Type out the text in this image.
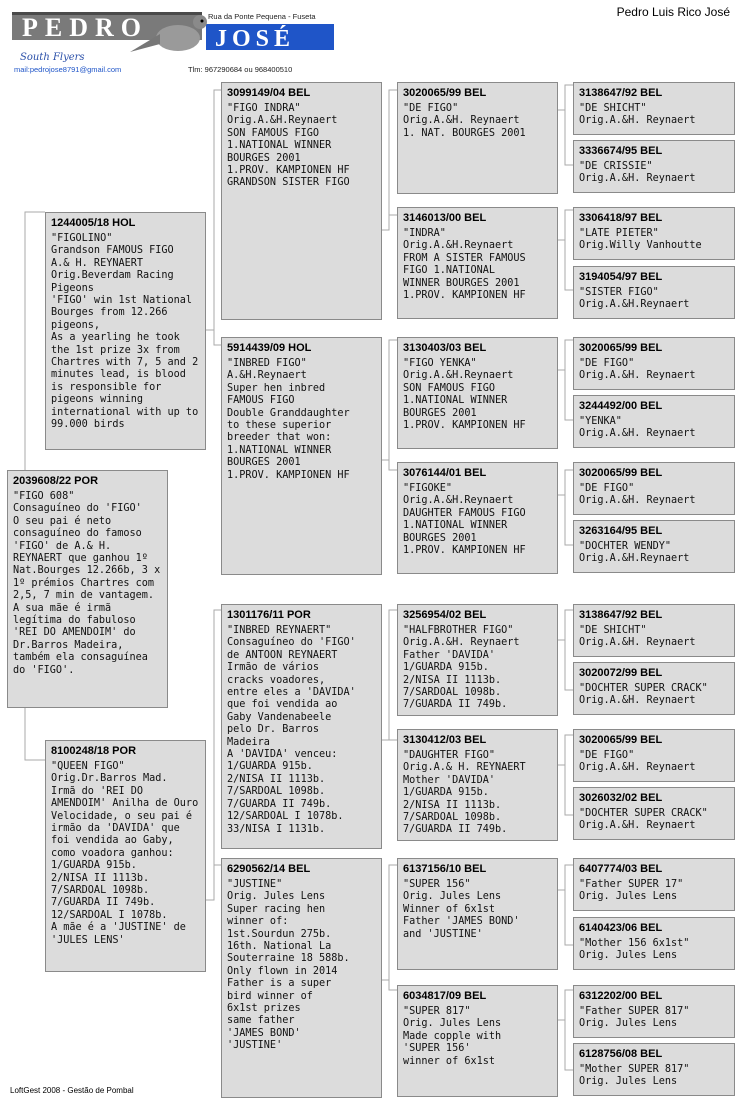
PEDRO	Rua da Ponte Pequena - Fuseta
JOSÉ
South Flyers
mail:pedrojose8791@gmail.com	Tlm: 967290684 ou 968400510
Pedro Luis Rico José
2039608/22 POR
"FIGO 608"
Consaguíneo do 'FIGO'
O seu pai é neto consaguíneo do famoso 'FIGO' de A.& H. REYNAERT que ganhou 1º Nat.Bourges 12.266b, 3 x 1º prémios Chartres com 2,5, 7 min de vantagem.
A sua mãe é irmã legítima do fabuloso 'REI DO AMENDOIM' do Dr.Barros Madeira, também ela consaguínea do 'FIGO'.
1244005/18 HOL
"FIGOLINO"
Grandson FAMOUS FIGO
A.& H. REYNAERT
Orig.Beverdam Racing Pigeons
'FIGO' win 1st National Bourges from 12.266 pigeons,
As a yearling he took the 1st prize 3x from Chartres with 7, 5 and 2 minutes lead, is blood is responsible for pigeons winning international with up to 99.000 birds
8100248/18 POR
"QUEEN FIGO"
Orig.Dr.Barros Mad.
Irmã do 'REI DO AMENDOIM' Anilha de Ouro Velocidade, o seu pai é irmão da 'DAVIDA' que foi vendida ao Gaby, como voadora ganhou:
1/GUARDA 915b.
2/NISA II 1113b.
7/SARDOAL 1098b.
7/GUARDA II 749b.
12/SARDOAL I 1078b.
A mãe é a 'JUSTINE' de 'JULES LENS'
3099149/04 BEL
"FIGO INDRA"
Orig.A.&H.Reynaert
SON FAMOUS FIGO
1.NATIONAL WINNER
BOURGES 2001
1.PROV. KAMPIONEN HF
GRANDSON SISTER FIGO
5914439/09 HOL
"INBRED FIGO"
A.&H.Reynaert
Super hen inbred
FAMOUS FIGO
Double Granddaughter
to these superior
breeder that won:
1.NATIONAL WINNER
BOURGES 2001
1.PROV. KAMPIONEN HF
1301176/11 POR
"INBRED REYNAERT"
Consaguíneo do 'FIGO'
de ANTOON REYNAERT
Irmão de vários
cracks voadores,
entre eles a 'DAVIDA'
que foi vendida ao
Gaby Vandenabeele
pelo Dr. Barros
Madeira
A 'DAVIDA' venceu:
1/GUARDA 915b.
2/NISA II 1113b.
7/SARDOAL 1098b.
7/GUARDA II 749b.
12/SARDOAL I 1078b.
33/NISA I 1131b.
6290562/14 BEL
"JUSTINE"
Orig. Jules Lens
Super racing hen
winner of:
1st.Sourdun 275b.
16th. National La
Souterraine 18 588b.
Only flown in 2014
Father is a super
bird winner of
6x1st prizes
same father
'JAMES BOND'
'JUSTINE'
3020065/99 BEL
"DE FIGO"
Orig.A.&H. Reynaert
1. NAT. BOURGES 2001
3146013/00 BEL
"INDRA"
Orig.A.&H.Reynaert
FROM A SISTER FAMOUS
FIGO 1.NATIONAL
WINNER BOURGES 2001
1.PROV. KAMPIONEN HF
3130403/03 BEL
"FIGO YENKA"
Orig.A.&H.Reynaert
SON FAMOUS FIGO
1.NATIONAL WINNER
BOURGES 2001
1.PROV. KAMPIONEN HF
3076144/01 BEL
"FIGOKE"
Orig.A.&H.Reynaert
DAUGHTER FAMOUS FIGO
1.NATIONAL WINNER
BOURGES 2001
1.PROV. KAMPIONEN HF
3256954/02 BEL
"HALFBROTHER FIGO"
Orig.A.&H. Reynaert
Father 'DAVIDA'
1/GUARDA 915b.
2/NISA II 1113b.
7/SARDOAL 1098b.
7/GUARDA II 749b.
3130412/03 BEL
"DAUGHTER FIGO"
Orig.A.& H. REYNAERT
Mother 'DAVIDA'
1/GUARDA 915b.
2/NISA II 1113b.
7/SARDOAL 1098b.
7/GUARDA II 749b.
6137156/10 BEL
"SUPER 156"
Orig. Jules Lens
Winner of 6x1st
Father 'JAMES BOND'
and 'JUSTINE'
6034817/09 BEL
"SUPER 817"
Orig. Jules Lens
Made copple with
'SUPER 156'
winner of 6x1st
3138647/92 BEL
"DE SHICHT"
Orig.A.&H. Reynaert
3336674/95 BEL
"DE CRISSIE"
Orig.A.&H. Reynaert
3306418/97 BEL
"LATE PIETER"
Orig.Willy Vanhoutte
3194054/97 BEL
"SISTER FIGO"
Orig.A.&H.Reynaert
3020065/99 BEL
"DE FIGO"
Orig.A.&H. Reynaert
3244492/00 BEL
"YENKA"
Orig.A.&H. Reynaert
3020065/99 BEL
"DE FIGO"
Orig.A.&H. Reynaert
3263164/95 BEL
"DOCHTER WENDY"
Orig.A.&H.Reynaert
3138647/92 BEL
"DE SHICHT"
Orig.A.&H. Reynaert
3020072/99 BEL
"DOCHTER SUPER CRACK"
Orig.A.&H. Reynaert
3020065/99 BEL
"DE FIGO"
Orig.A.&H. Reynaert
3026032/02 BEL
"DOCHTER SUPER CRACK"
Orig.A.&H. Reynaert
6407774/03 BEL
"Father SUPER 17"
Orig. Jules Lens
6140423/06 BEL
"Mother 156 6x1st"
Orig. Jules Lens
6312202/00 BEL
"Father SUPER 817"
Orig. Jules Lens
6128756/08 BEL
"Mother SUPER 817"
Orig. Jules Lens
LoftGest 2008 - Gestão de Pombal
